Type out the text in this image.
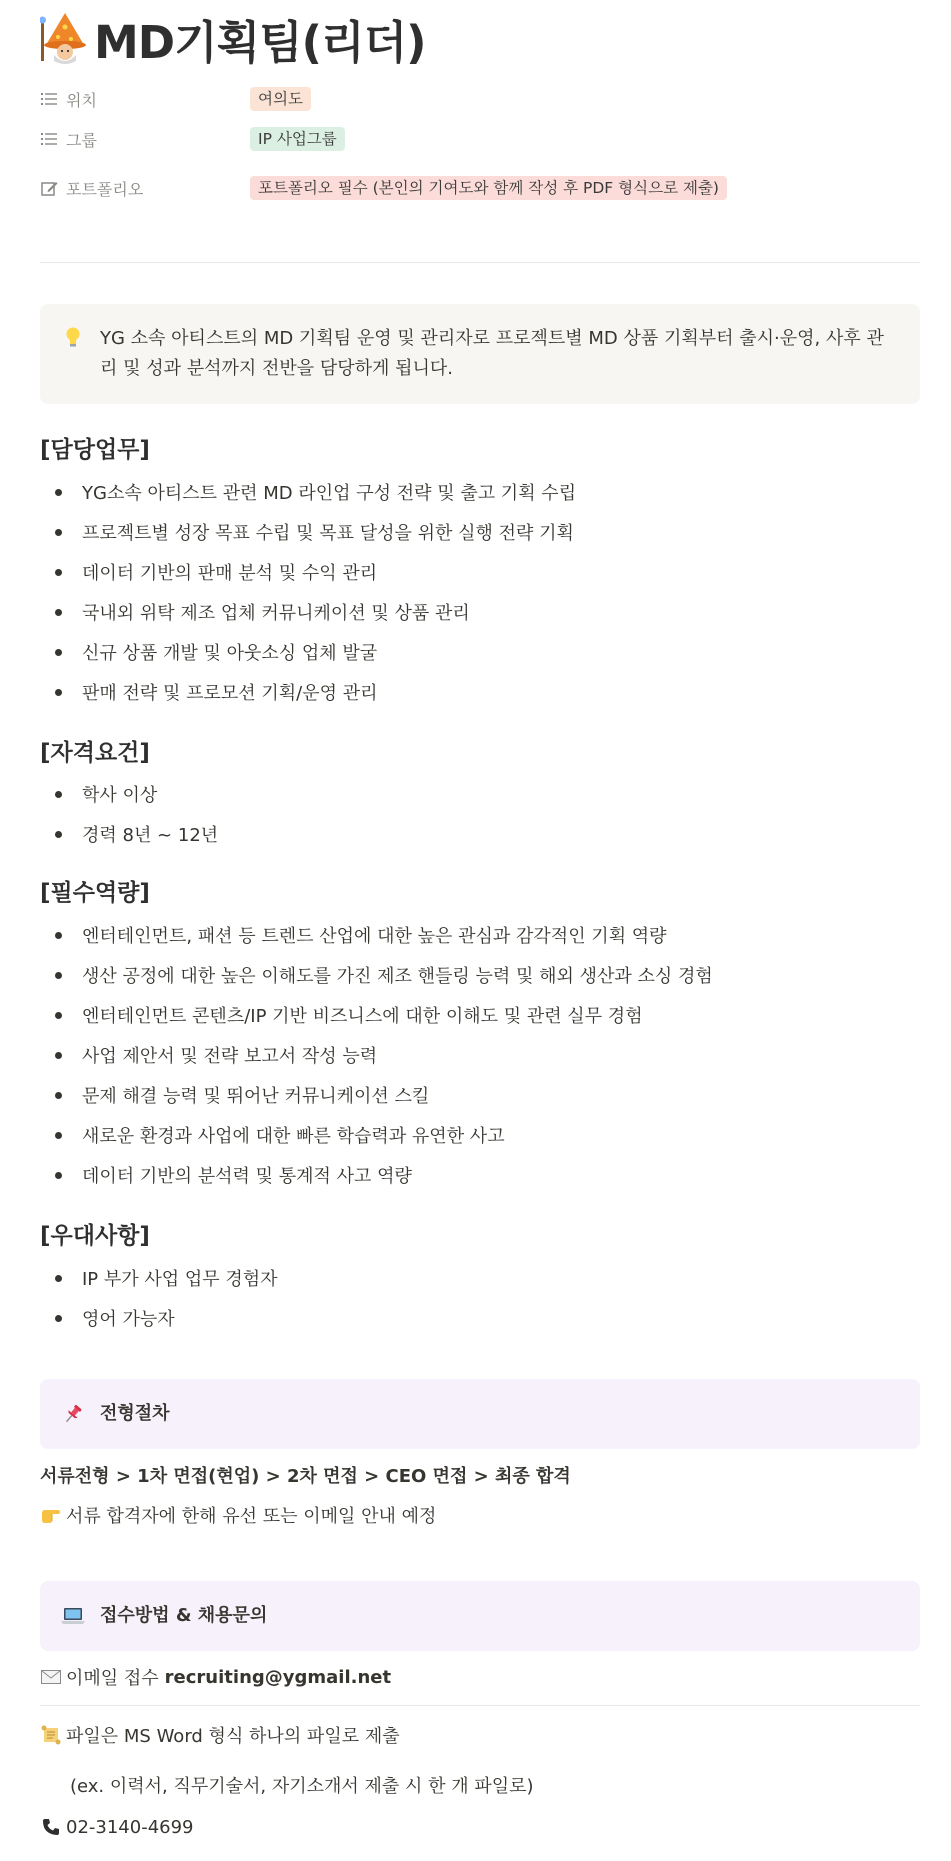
MD기획팀(리더)
위치	여의도
그룹	IP 사업그룹
포트폴리오	포트폴리오 필수 (본인의 기여도와 함께 작성 후 PDF 형식으로 제출)
YG 소속 아티스트의 MD 기획팀 운영 및 관리자로 프로젝트별 MD 상품 기획부터 출시·운영, 사후 관리 및 성과 분석까지 전반을 담당하게 됩니다.
[담당업무]
YG소속 아티스트 관련 MD 라인업 구성 전략 및 출고 기획 수립
프로젝트별 성장 목표 수립 및 목표 달성을 위한 실행 전략 기획
데이터 기반의 판매 분석 및 수익 관리
국내외 위탁 제조 업체 커뮤니케이션 및 상품 관리
신규 상품 개발 및 아웃소싱 업체 발굴
판매 전략 및 프로모션 기획/운영 관리
[자격요건]
학사 이상
경력 8년 ~ 12년
[필수역량]
엔터테인먼트, 패션 등 트렌드 산업에 대한 높은 관심과 감각적인 기획 역량
생산 공정에 대한 높은 이해도를 가진 제조 핸들링 능력 및 해외 생산과 소싱 경험
엔터테인먼트 콘텐츠/IP 기반 비즈니스에 대한 이해도 및 관련 실무 경험
사업 제안서 및 전략 보고서 작성 능력
문제 해결 능력 및 뛰어난 커뮤니케이션 스킬
새로운 환경과 사업에 대한 빠른 학습력과 유연한 사고
데이터 기반의 분석력 및 통계적 사고 역량
[우대사항]
IP 부가 사업 업무 경험자
영어 가능자
전형절차
서류전형 > 1차 면접(현업) > 2차 면접 > CEO 면접 > 최종 합격
서류 합격자에 한해 유선 또는 이메일 안내 예정
접수방법 & 채용문의
이메일 접수 recruiting@ygmail.net
파일은 MS Word 형식 하나의 파일로 제출
(ex. 이력서, 직무기술서, 자기소개서 제출 시 한 개 파일로)
02-3140-4699
